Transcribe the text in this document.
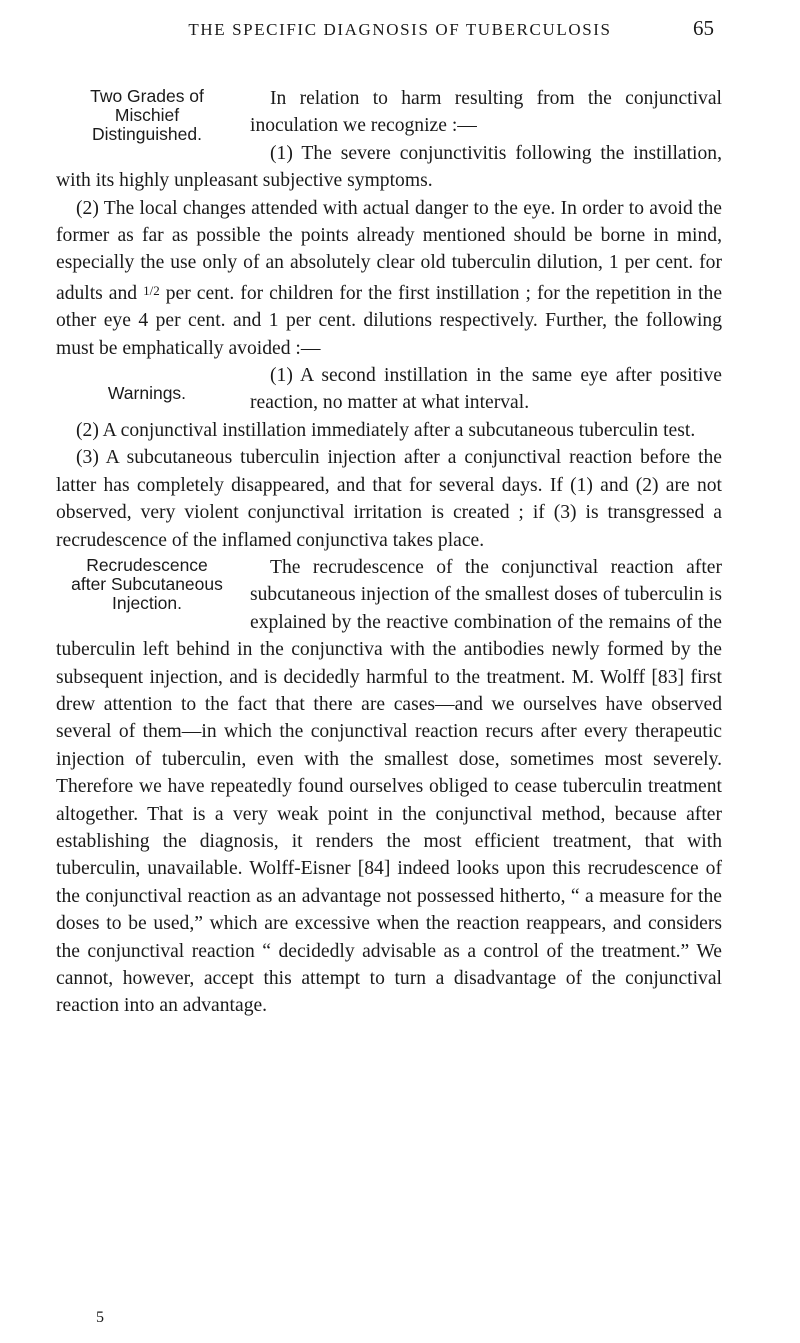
THE SPECIFIC DIAGNOSIS OF TUBERCULOSIS	65
Two Grades of
Mischief
Distinguished.

In relation to harm resulting from the conjunctival inoculation we recognize :—

(1) The severe conjunctivitis following the instillation, with its highly unpleasant subjective symptoms.

(2) The local changes attended with actual danger to the eye. In order to avoid the former as far as possible the points already mentioned should be borne in mind, especially the use only of an absolutely clear old tuberculin dilution, 1 per cent. for adults and $^{1/2}$ per cent. for children for the first instillation ; for the repetition in the other eye 4 per cent. and 1 per cent. dilutions respectively. Further, the following must be emphatically avoided :—

Warnings.

(1) A second instillation in the same eye after positive reaction, no matter at what interval.

(2) A conjunctival instillation immediately after a subcutaneous tuberculin test.

(3) A subcutaneous tuberculin injection after a conjunctival reaction before the latter has completely disappeared, and that for several days. If (1) and (2) are not observed, very violent conjunctival irritation is created ; if (3) is transgressed a recrudescence of the inflamed conjunctiva takes place.

Recrudescence
after Subcutaneous
Injection.

The recrudescence of the conjunctival reaction after subcutaneous injection of the smallest doses of tuberculin is explained by the reactive combination of the remains of the tuberculin left behind in the conjunctiva with the antibodies newly formed by the subsequent injection, and is decidedly harmful to the treatment. M. Wolff [83] first drew attention to the fact that there are cases—and we ourselves have observed several of them—in which the conjunctival reaction recurs after every therapeutic injection of tuberculin, even with the smallest dose, sometimes most severely. Therefore we have repeatedly found ourselves obliged to cease tuberculin treatment altogether. That is a very weak point in the conjunctival method, because after establishing the diagnosis, it renders the most efficient treatment, that with tuberculin, unavailable. Wolff-Eisner [84] indeed looks upon this recrudescence of the conjunctival reaction as an advantage not possessed hitherto, “ a measure for the doses to be used,” which are excessive when the reaction reappears, and considers the conjunctival reaction “ decidedly advisable as a control of the treatment.” We cannot, however, accept this attempt to turn a disadvantage of the conjunctival reaction into an advantage.

5
